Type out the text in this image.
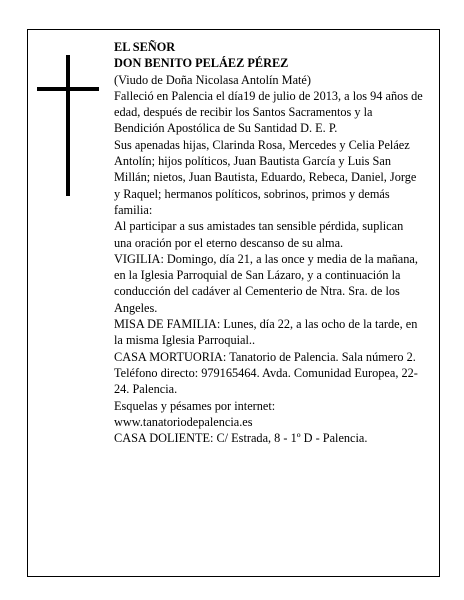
EL SEÑOR

DON BENITO PELÁEZ PÉREZ

(Viudo de Doña Nicolasa Antolín Maté)

Falleció en Palencia el día19 de julio de 2013, a los 94 años de edad, después de recibir los Santos Sacramentos y la Bendición Apostólica de Su Santidad D. E. P.

Sus apenadas hijas, Clarinda Rosa, Mercedes y Celia Peláez Antolín; hijos políticos, Juan Bautista García y Luis San Millán; nietos, Juan Bautista, Eduardo, Rebeca, Daniel, Jorge y Raquel; hermanos políticos, sobrinos, primos y demás familia:

Al participar a sus amistades tan sensible pérdida, suplican una oración por el eterno descanso de su alma.

VIGILIA: Domingo, día 21, a las once y media de la mañana, en la Iglesia Parroquial de San Lázaro, y a continuación la conducción del cadáver al Cementerio de Ntra. Sra. de los Angeles.

MISA DE FAMILIA: Lunes, día 22, a las ocho de la tarde, en la misma Iglesia Parroquial..

CASA MORTUORIA: Tanatorio de Palencia. Sala número 2. Teléfono directo: 979165464. Avda. Comunidad Europea, 22-24. Palencia.

Esquelas y pésames por internet:

www.tanatoriodepalencia.es

CASA DOLIENTE: C/ Estrada, 8 - 1º D - Palencia.
